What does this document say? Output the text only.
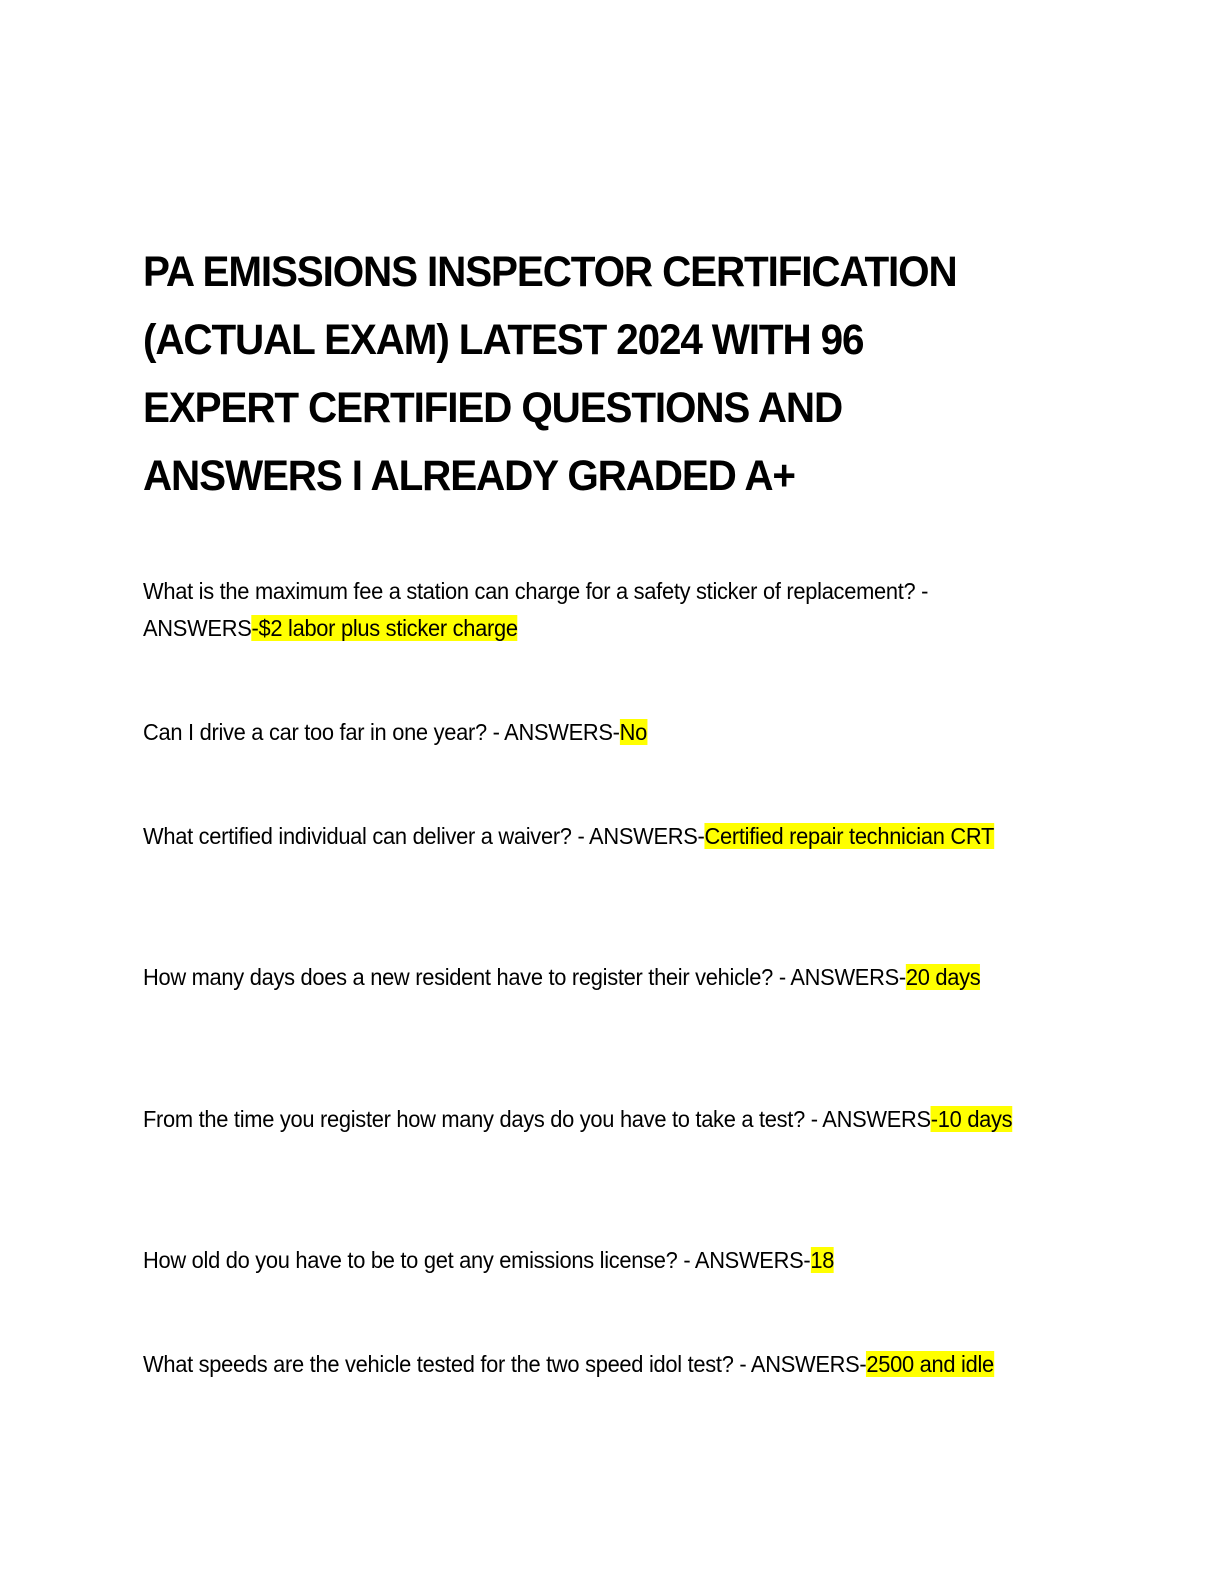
PA EMISSIONS INSPECTOR CERTIFICATION
(ACTUAL EXAM) LATEST 2024 WITH 96
EXPERT CERTIFIED QUESTIONS AND
ANSWERS I ALREADY GRADED A+

What is the maximum fee a station can charge for a safety sticker of replacement? - ANSWERS-$2 labor plus sticker charge

Can I drive a car too far in one year? - ANSWERS-No

What certified individual can deliver a waiver? - ANSWERS-Certified repair technician CRT

How many days does a new resident have to register their vehicle? - ANSWERS-20 days

From the time you register how many days do you have to take a test? - ANSWERS-10 days

How old do you have to be to get any emissions license? - ANSWERS-18

What speeds are the vehicle tested for the two speed idol test? - ANSWERS-2500 and idle
